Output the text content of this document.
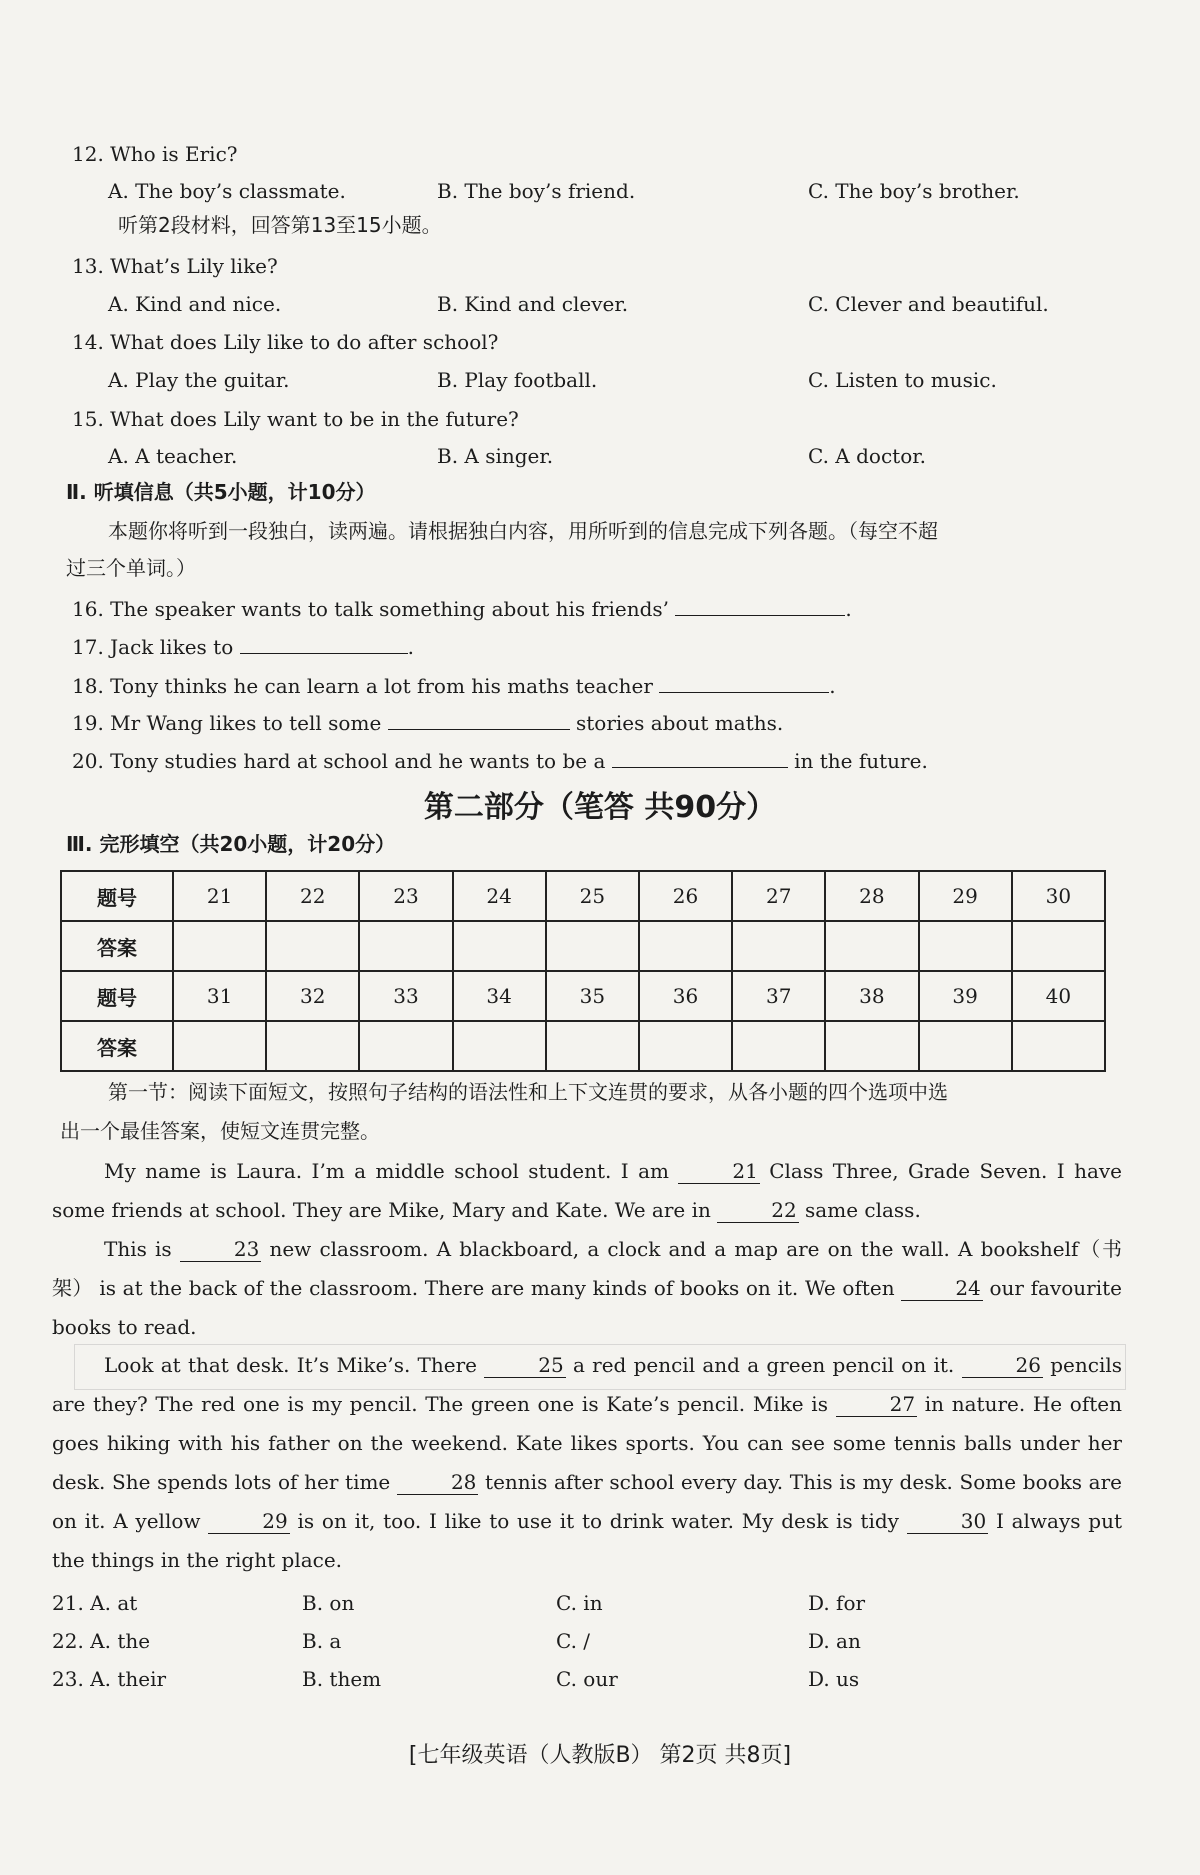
12. Who is Eric?
A. The boy’s classmate.	B. The boy’s friend.	C. The boy’s brother.
听第2段材料，回答第13至15小题。
13. What’s Lily like?
A. Kind and nice.	B. Kind and clever.	C. Clever and beautiful.
14. What does Lily like to do after school?
A. Play the guitar.	B. Play football.	C. Listen to music.
15. What does Lily want to be in the future?
A. A teacher.	B. A singer.	C. A doctor.
Ⅱ. 听填信息（共5小题，计10分）
本题你将听到一段独白，读两遍。请根据独白内容，用所听到的信息完成下列各题。（每空不超
过三个单词。）
16. The speaker wants to talk something about his friends’	.
17. Jack likes to	.
18. Tony thinks he can learn a lot from his maths teacher	.
19. Mr Wang likes to tell some	stories about maths.
20. Tony studies hard at school and he wants to be a	in the future.
第二部分（笔答 共90分）
Ⅲ. 完形填空（共20小题，计20分）
题号	21	22	23	24	25	26	27	28	29	30
答案										
题号	31	32	33	34	35	36	37	38	39	40
答案										
第一节：阅读下面短文，按照句子结构的语法性和上下文连贯的要求，从各小题的四个选项中选
出一个最佳答案，使短文连贯完整。
My name is Laura. I’m a middle school student. I am	21 Class Three, Grade Seven. I have some friends at school. They are Mike, Mary and Kate. We are in	22 same class.
This is	23 new classroom. A blackboard, a clock and a map are on the wall. A bookshelf（书架） is at the back of the classroom. There are many kinds of books on it. We often	24 our favourite books to read.
Look at that desk. It’s Mike’s. There	25 a red pencil and a green pencil on it.	26 pencils are they? The red one is my pencil. The green one is Kate’s pencil. Mike is	27 in nature. He often goes hiking with his father on the weekend. Kate likes sports. You can see some tennis balls under her desk. She spends lots of her time	28 tennis after school every day. This is my desk. Some books are on it. A yellow	29 is on it, too. I like to use it to drink water. My desk is tidy	30 I always put the things in the right place.
21. A. at	B. on	C. in	D. for
22. A. the	B. a	C. /	D. an
23. A. their	B. them	C. our	D. us
[七年级英语（人教版B） 第2页 共8页]
